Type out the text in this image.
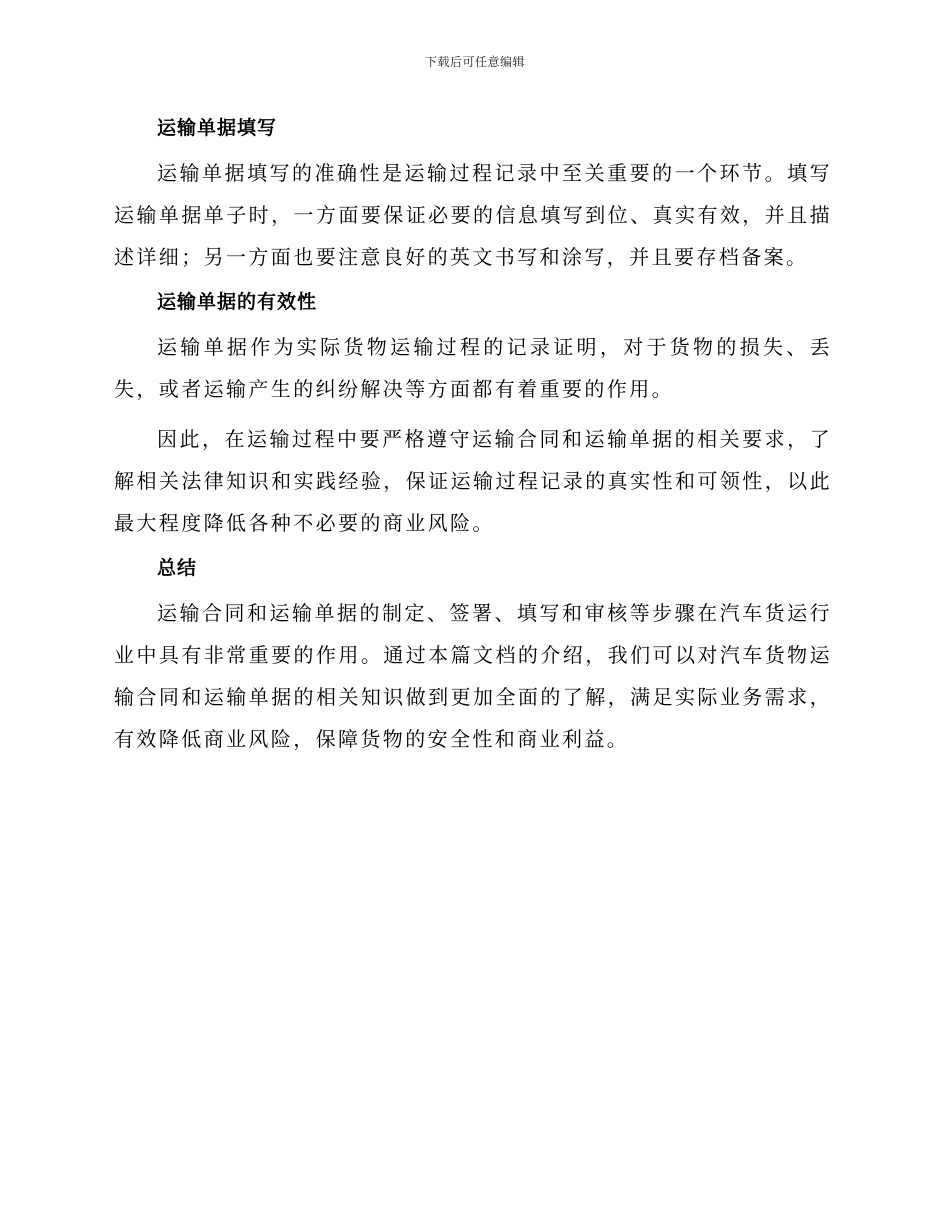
下载后可任意编辑
运输单据填写

运输单据填写的准确性是运输过程记录中至关重要的一个环节。填写运输单据单子时，一方面要保证必要的信息填写到位、真实有效，并且描述详细；另一方面也要注意良好的英文书写和涂写，并且要存档备案。

运输单据的有效性

运输单据作为实际货物运输过程的记录证明，对于货物的损失、丢失，或者运输产生的纠纷解决等方面都有着重要的作用。

因此，在运输过程中要严格遵守运输合同和运输单据的相关要求，了解相关法律知识和实践经验，保证运输过程记录的真实性和可领性，以此最大程度降低各种不必要的商业风险。

总结

运输合同和运输单据的制定、签署、填写和审核等步骤在汽车货运行业中具有非常重要的作用。通过本篇文档的介绍，我们可以对汽车货物运输合同和运输单据的相关知识做到更加全面的了解，满足实际业务需求，有效降低商业风险，保障货物的安全性和商业利益。
